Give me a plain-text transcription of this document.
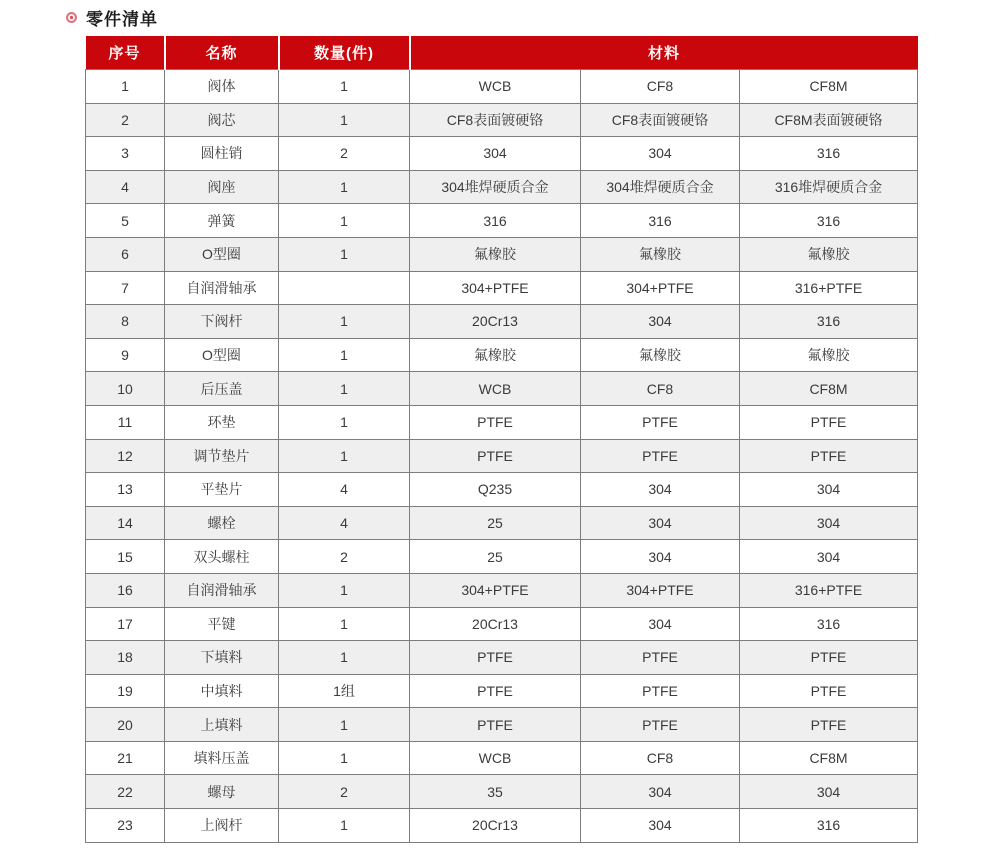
零件清单
序号	名称	数量(件)	材料		
1	阀体	1	WCB	CF8	CF8M
2	阀芯	1	CF8表面镀硬铬	CF8表面镀硬铬	CF8M表面镀硬铬
3	圆柱销	2	304	304	316
4	阀座	1	304堆焊硬质合金	304堆焊硬质合金	316堆焊硬质合金
5	弹簧	1	316	316	316
6	O型圈	1	氟橡胶	氟橡胶	氟橡胶
7	自润滑轴承		304+PTFE	304+PTFE	316+PTFE
8	下阀杆	1	20Cr13	304	316
9	O型圈	1	氟橡胶	氟橡胶	氟橡胶
10	后压盖	1	WCB	CF8	CF8M
11	环垫	1	PTFE	PTFE	PTFE
12	调节垫片	1	PTFE	PTFE	PTFE
13	平垫片	4	Q235	304	304
14	螺栓	4	25	304	304
15	双头螺柱	2	25	304	304
16	自润滑轴承	1	304+PTFE	304+PTFE	316+PTFE
17	平键	1	20Cr13	304	316
18	下填料	1	PTFE	PTFE	PTFE
19	中填料	1组	PTFE	PTFE	PTFE
20	上填料	1	PTFE	PTFE	PTFE
21	填料压盖	1	WCB	CF8	CF8M
22	螺母	2	35	304	304
23	上阀杆	1	20Cr13	304	316
